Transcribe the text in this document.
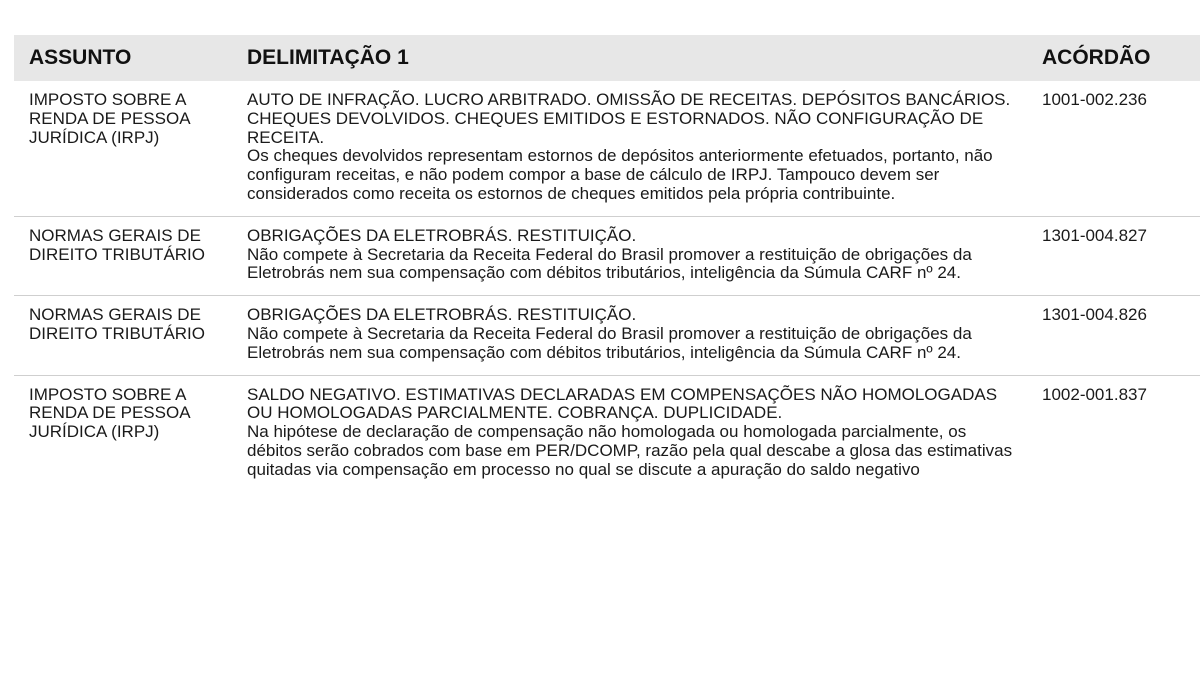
ASSUNTO	DELIMITAÇÃO 1	ACÓRDÃO
IMPOSTO SOBRE A RENDA DE PESSOA JURÍDICA (IRPJ)
AUTO DE INFRAÇÃO. LUCRO ARBITRADO. OMISSÃO DE RECEITAS. DEPÓSITOS BANCÁRIOS. CHEQUES DEVOLVIDOS. CHEQUES EMITIDOS E ESTORNADOS. NÃO CONFIGURAÇÃO DE RECEITA.
Os cheques devolvidos representam estornos de depósitos anteriormente efetuados, portanto, não configuram receitas, e não podem compor a base de cálculo de IRPJ. Tampouco devem ser considerados como receita os estornos de cheques emitidos pela própria contribuinte.
1001-002.236
NORMAS GERAIS DE DIREITO TRIBUTÁRIO
OBRIGAÇÕES DA ELETROBRÁS. RESTITUIÇÃO.
Não compete à Secretaria da Receita Federal do Brasil promover a restituição de obrigações da Eletrobrás nem sua compensação com débitos tributários, inteligência da Súmula CARF nº 24.
1301-004.827
NORMAS GERAIS DE DIREITO TRIBUTÁRIO
OBRIGAÇÕES DA ELETROBRÁS. RESTITUIÇÃO.
Não compete à Secretaria da Receita Federal do Brasil promover a restituição de obrigações da Eletrobrás nem sua compensação com débitos tributários, inteligência da Súmula CARF nº 24.
1301-004.826
IMPOSTO SOBRE A RENDA DE PESSOA JURÍDICA (IRPJ)
SALDO NEGATIVO. ESTIMATIVAS DECLARADAS EM COMPENSAÇÕES NÃO HOMOLOGADAS OU HOMOLOGADAS PARCIALMENTE. COBRANÇA. DUPLICIDADE.
Na hipótese de declaração de compensação não homologada ou homologada parcialmente, os débitos serão cobrados com base em PER/DCOMP, razão pela qual descabe a glosa das estimativas quitadas via compensação em processo no qual se discute a apuração do saldo negativo
1002-001.837
